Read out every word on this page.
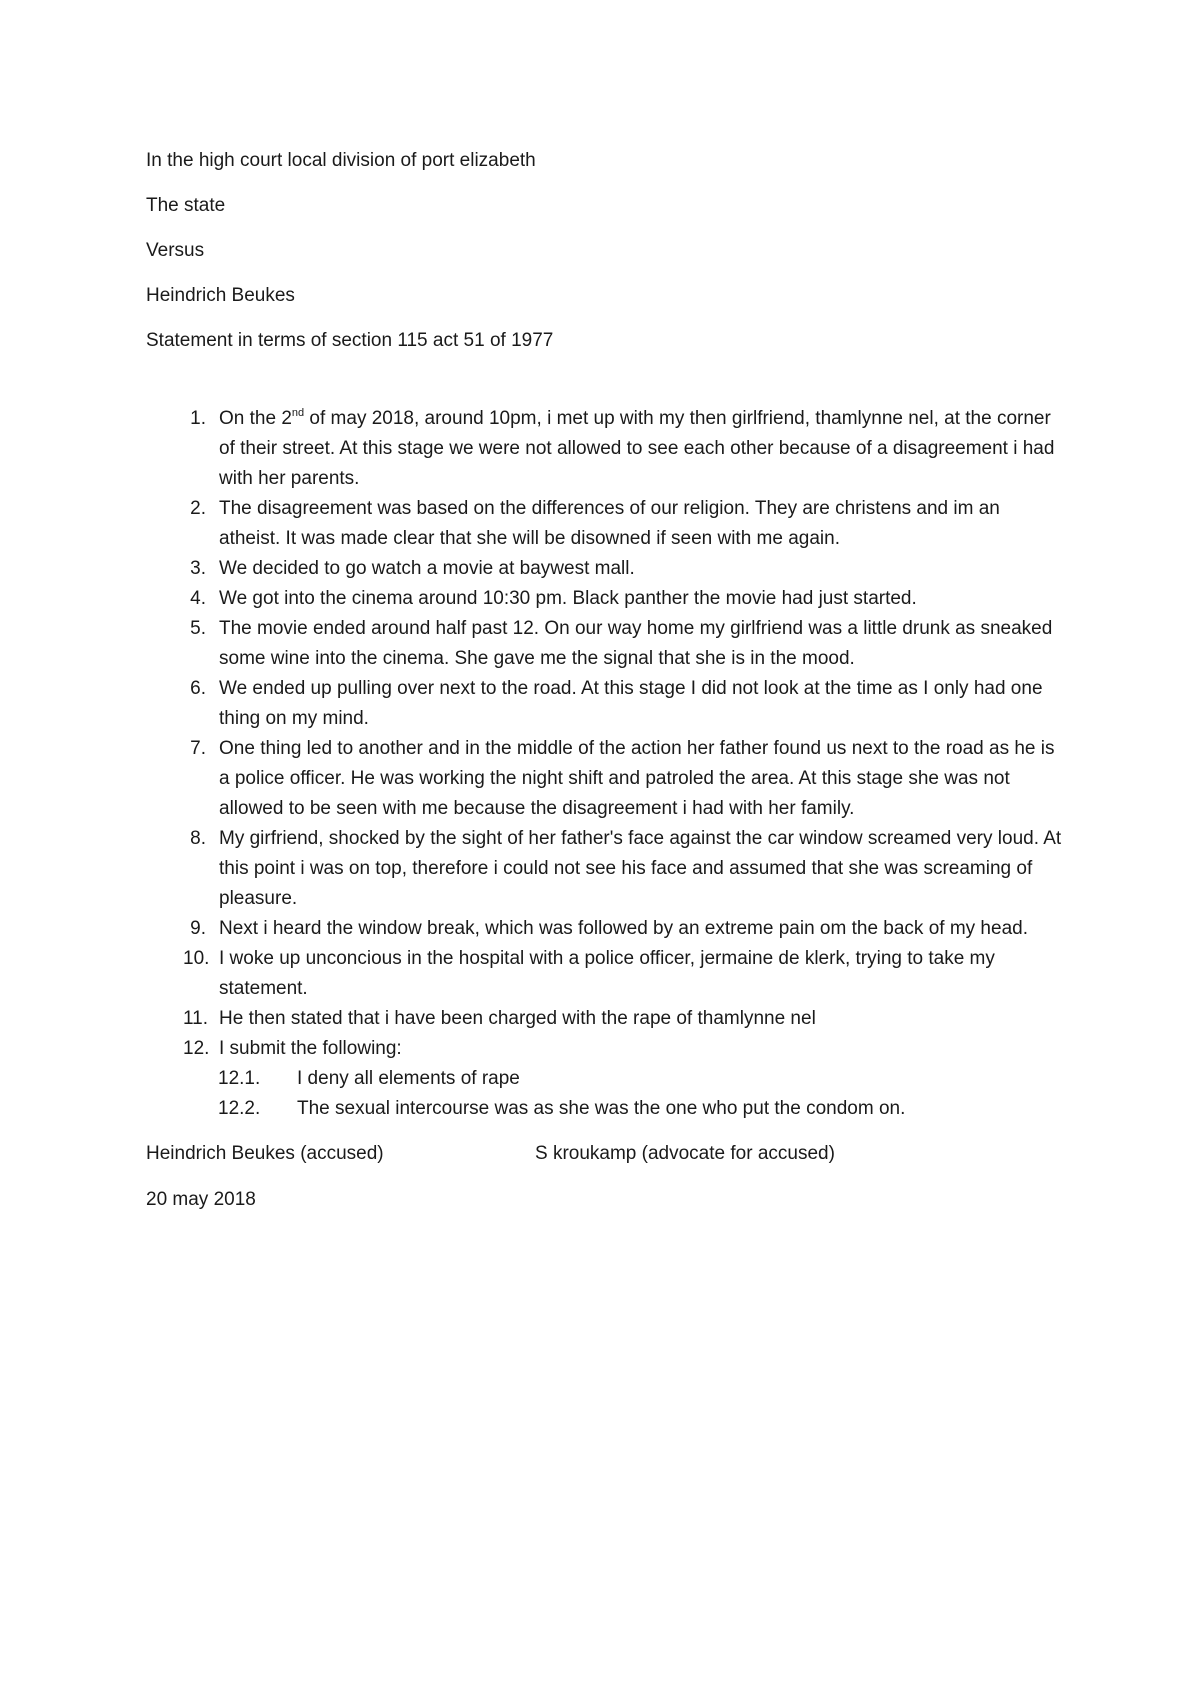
In the high court local division of port elizabeth
The state
Versus
Heindrich Beukes
Statement in terms of section 115 act 51 of 1977
1. On the 2nd of may 2018, around 10pm, i met up with my then girlfriend, thamlynne nel, at the corner of their street. At this stage we were not allowed to see each other because of a disagreement i had with her parents.
2. The disagreement was based on the differences of our religion. They are christens and im an atheist. It was made clear that she will be disowned if seen with me again.
3. We decided to go watch a movie at baywest mall.
4. We got into the cinema around 10:30 pm. Black panther the movie had just started.
5. The movie ended around half past 12. On our way home my girlfriend was a little drunk as sneaked some wine into the cinema. She gave me the signal that she is in the mood.
6. We ended up pulling over next to the road. At this stage I did not look at the time as I only had one thing on my mind.
7. One thing led to another and in the middle of the action her father found us next to the road as he is a police officer. He was working the night shift and patroled the area. At this stage she was not allowed to be seen with me because the disagreement i had with her family.
8. My girfriend, shocked by the sight of her father's face against the car window screamed very loud. At this point i was on top, therefore i could not see his face and assumed that she was screaming of pleasure.
9. Next i heard the window break, which was followed by an extreme pain om the back of my head.
10. I woke up unconcious in the hospital with a police officer, jermaine de klerk, trying to take my statement.
11. He then stated that i have been charged with the rape of thamlynne nel
12. I submit the following:
12.1. I deny all elements of rape
12.2. The sexual intercourse was as she was the one who put the condom on.
Heindrich Beukes (accused)	S kroukamp (advocate for accused)
20 may 2018
